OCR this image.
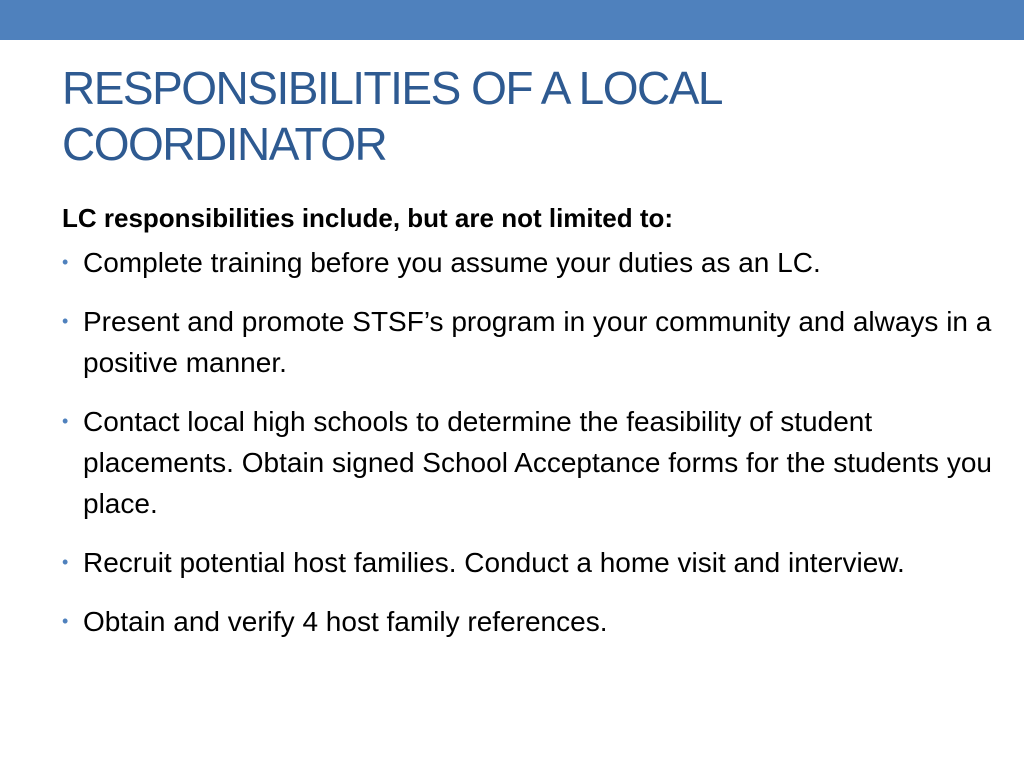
RESPONSIBILITIES OF A LOCAL
COORDINATOR

LC responsibilities include, but are not limited to:

• Complete training before you assume your duties as an LC.
• Present and promote STSF’s program in your community and always in a positive manner.
• Contact local high schools to determine the feasibility of student placements. Obtain signed School Acceptance forms for the students you place.
• Recruit potential host families. Conduct a home visit and interview.
• Obtain and verify 4 host family references.
